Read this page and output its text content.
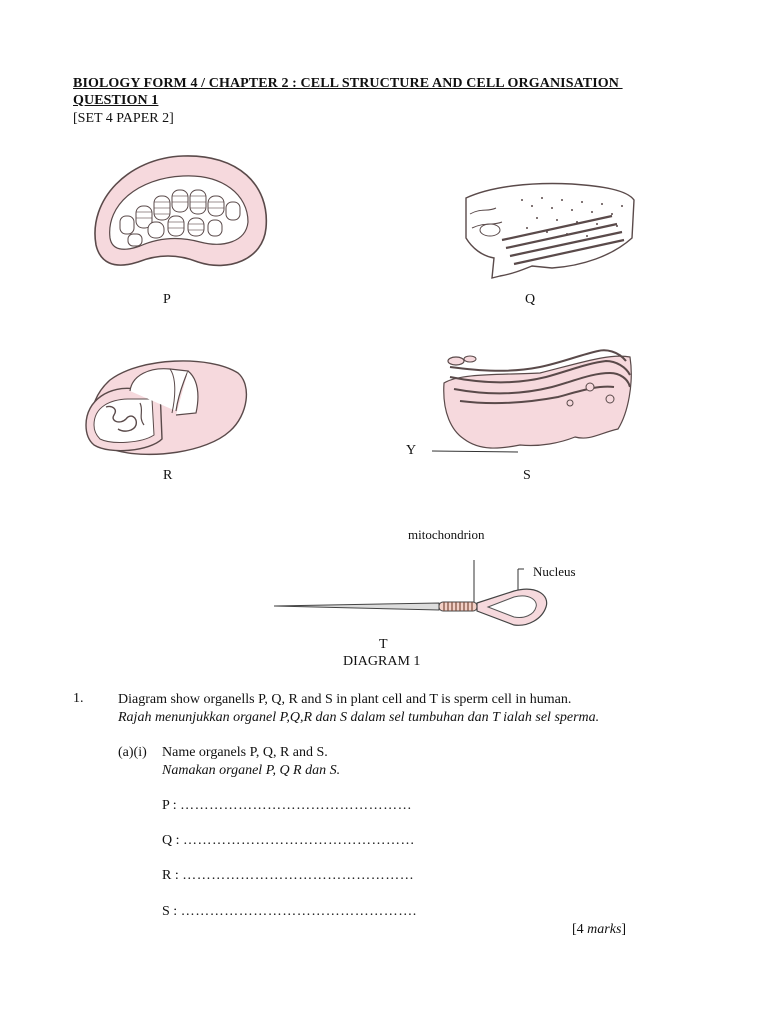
BIOLOGY FORM 4 / CHAPTER 2 : CELL STRUCTURE AND CELL ORGANISATION
QUESTION 1
[SET 4 PAPER 2]
P	Q
R
Y
S
mitochondrion
Nucleus
T
DIAGRAM 1
1. Diagram show organells P, Q, R and S in plant cell and T is sperm cell in human.
Rajah menunjukkan organel P,Q,R dan S dalam sel tumbuhan dan T ialah sel sperma.
(a)(i) Name organels P, Q, R and S.
Namakan organel P, Q R dan S.
P : …………………………………………
Q : …………………………………………
R : …………………………………………
S : ………………………………………….
[4 marks]
